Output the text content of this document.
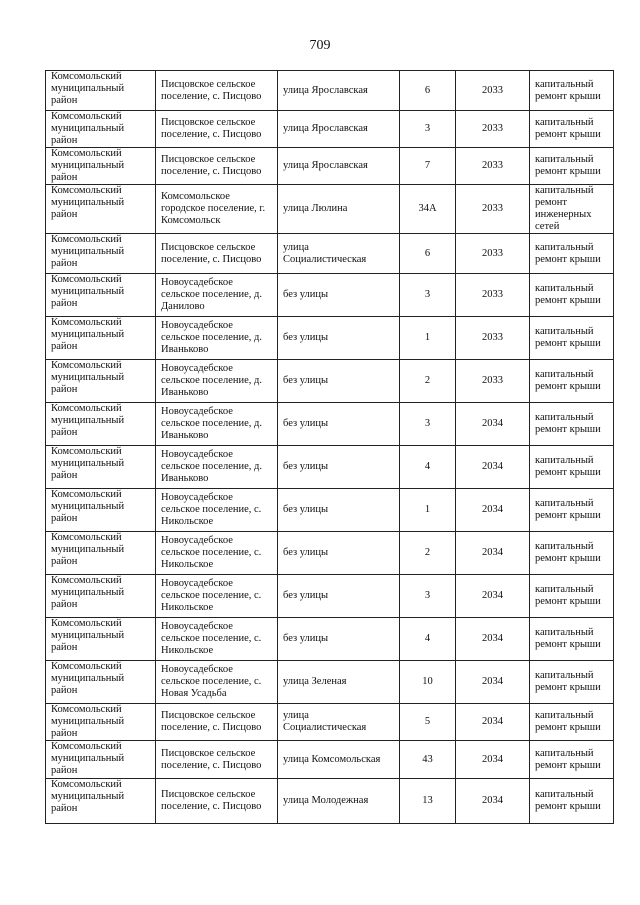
709
Комсомольский муниципальный район	Писцовское сельское поселение, с. Писцово	улица Ярославская	6	2033	капитальный ремонт крыши
Комсомольский муниципальный район	Писцовское сельское поселение, с. Писцово	улица Ярославская	3	2033	капитальный ремонт крыши
Комсомольский муниципальный район	Писцовское сельское поселение, с. Писцово	улица Ярославская	7	2033	капитальный ремонт крыши
Комсомольский муниципальный район	Комсомольское городское поселение, г. Комсомольск	улица Люлина	34А	2033	капитальный ремонт инженерных сетей
Комсомольский муниципальный район	Писцовское сельское поселение, с. Писцово	улица Социалистическая	6	2033	капитальный ремонт крыши
Комсомольский муниципальный район	Новоусадебское сельское поселение, д. Данилово	без улицы	3	2033	капитальный ремонт крыши
Комсомольский муниципальный район	Новоусадебское сельское поселение, д. Иваньково	без улицы	1	2033	капитальный ремонт крыши
Комсомольский муниципальный район	Новоусадебское сельское поселение, д. Иваньково	без улицы	2	2033	капитальный ремонт крыши
Комсомольский муниципальный район	Новоусадебское сельское поселение, д. Иваньково	без улицы	3	2034	капитальный ремонт крыши
Комсомольский муниципальный район	Новоусадебское сельское поселение, д. Иваньково	без улицы	4	2034	капитальный ремонт крыши
Комсомольский муниципальный район	Новоусадебское сельское поселение, с. Никольское	без улицы	1	2034	капитальный ремонт крыши
Комсомольский муниципальный район	Новоусадебское сельское поселение, с. Никольское	без улицы	2	2034	капитальный ремонт крыши
Комсомольский муниципальный район	Новоусадебское сельское поселение, с. Никольское	без улицы	3	2034	капитальный ремонт крыши
Комсомольский муниципальный район	Новоусадебское сельское поселение, с. Никольское	без улицы	4	2034	капитальный ремонт крыши
Комсомольский муниципальный район	Новоусадебское сельское поселение, с. Новая Усадьба	улица Зеленая	10	2034	капитальный ремонт крыши
Комсомольский муниципальный район	Писцовское сельское поселение, с. Писцово	улица Социалистическая	5	2034	капитальный ремонт крыши
Комсомольский муниципальный район	Писцовское сельское поселение, с. Писцово	улица Комсомольская	43	2034	капитальный ремонт крыши
Комсомольский муниципальный район	Писцовское сельское поселение, с. Писцово	улица Молодежная	13	2034	капитальный ремонт крыши
